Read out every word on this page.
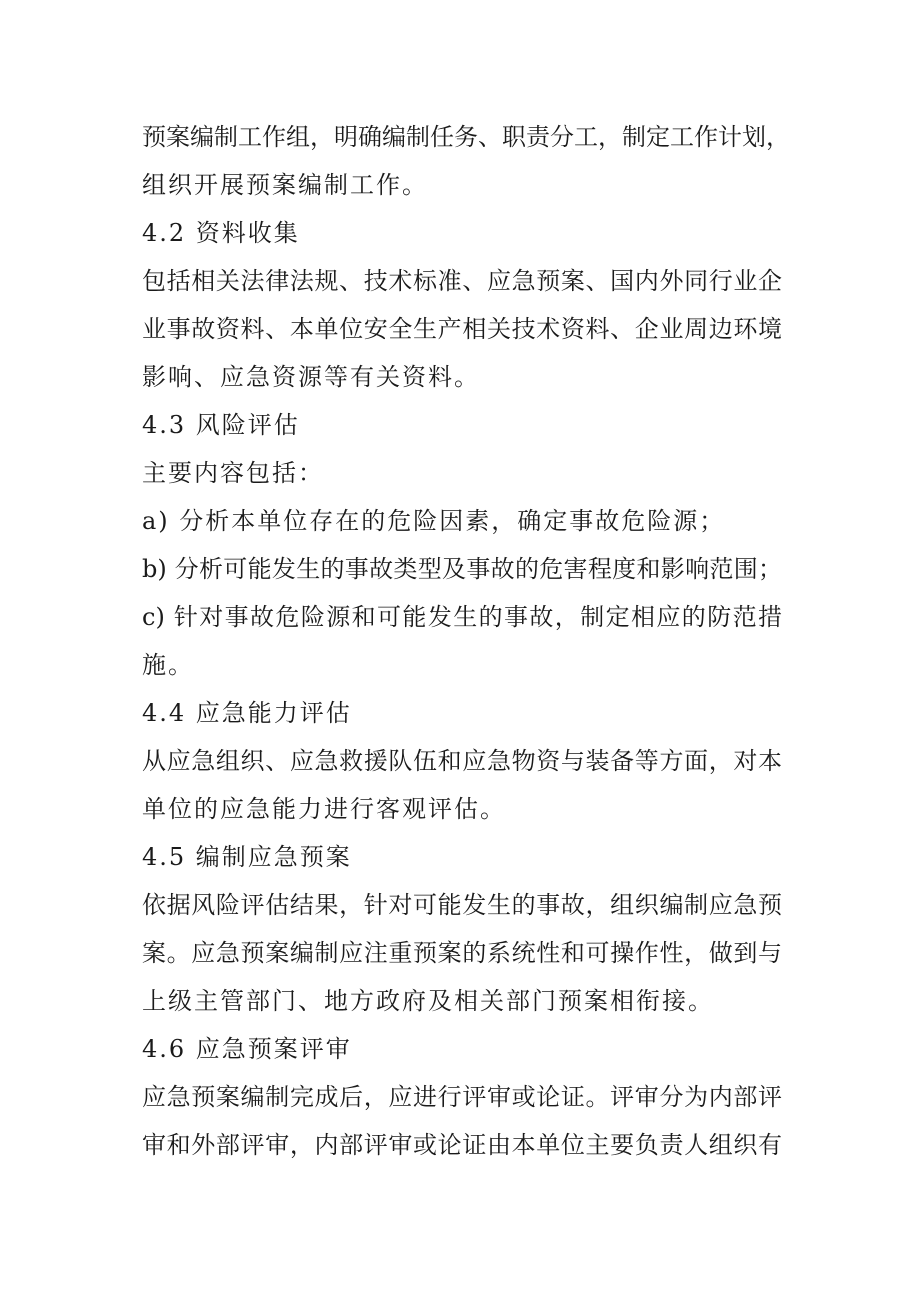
预案编制工作组，明确编制任务、职责分工，制定工作计划，
组织开展预案编制工作。
4.2 资料收集
包括相关法律法规、技术标准、应急预案、国内外同行业企
业事故资料、本单位安全生产相关技术资料、企业周边环境
影响、应急资源等有关资料。
4.3 风险评估
主要内容包括：
a) 分析本单位存在的危险因素，确定事故危险源；
b) 分析可能发生的事故类型及事故的危害程度和影响范围；
c) 针对事故危险源和可能发生的事故，制定相应的防范措
施。
4.4 应急能力评估
从应急组织、应急救援队伍和应急物资与装备等方面，对本
单位的应急能力进行客观评估。
4.5 编制应急预案
依据风险评估结果，针对可能发生的事故，组织编制应急预
案。应急预案编制应注重预案的系统性和可操作性，做到与
上级主管部门、地方政府及相关部门预案相衔接。
4.6 应急预案评审
应急预案编制完成后，应进行评审或论证。评审分为内部评
审和外部评审，内部评审或论证由本单位主要负责人组织有
